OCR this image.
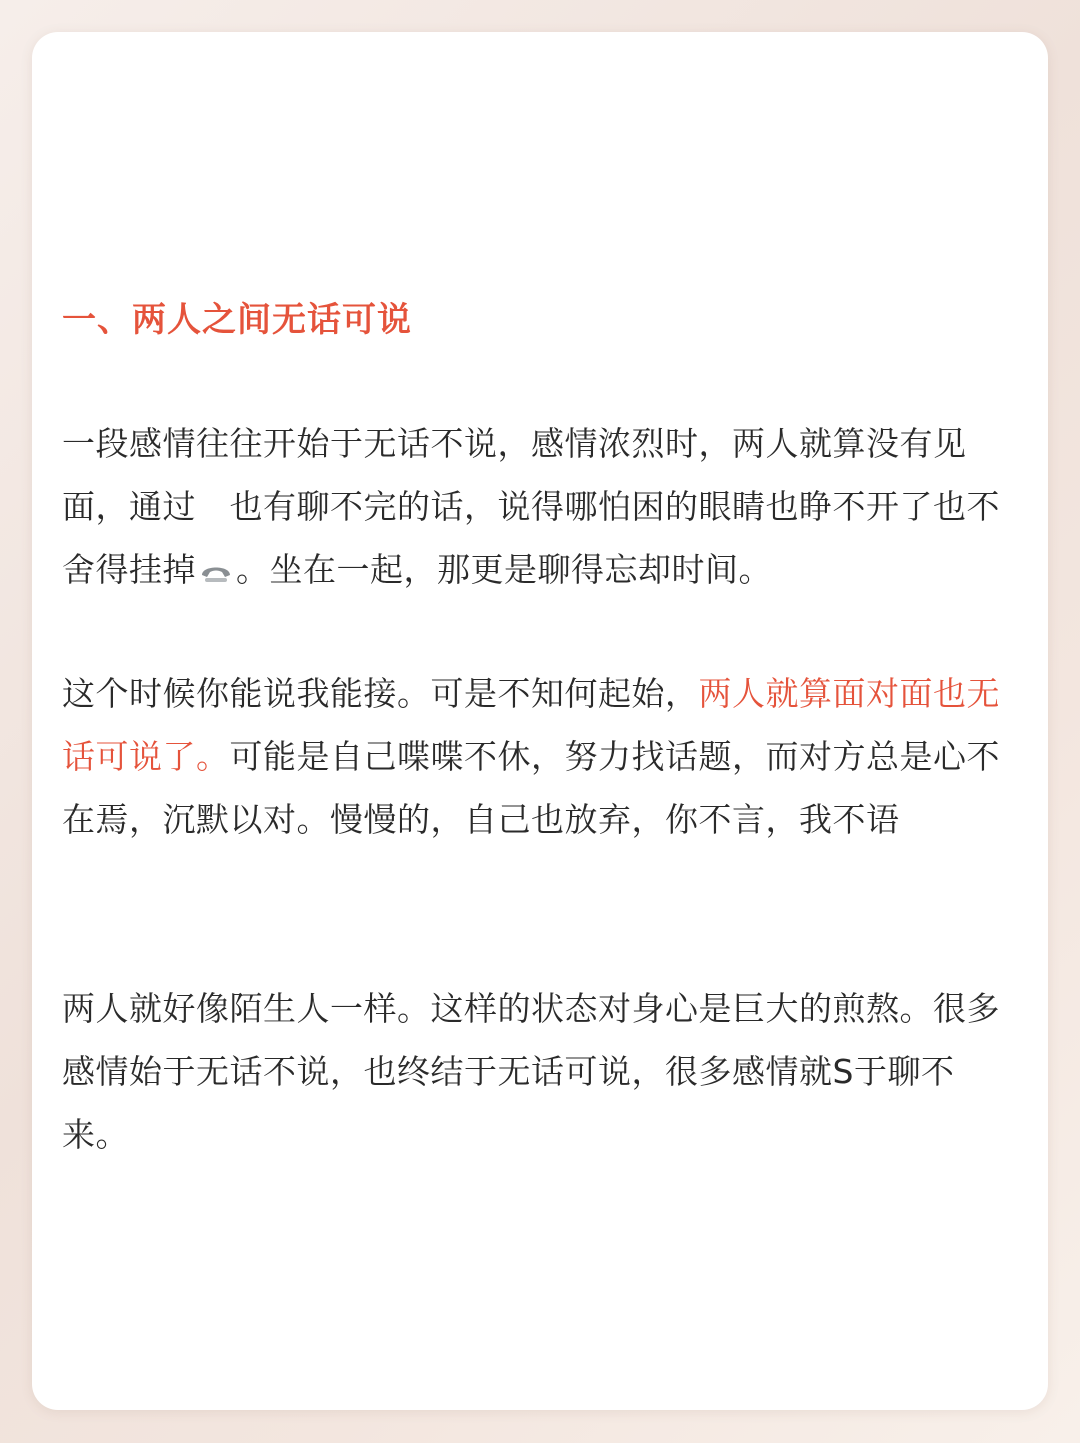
一、两人之间无话可说

一段感情往往开始于无话不说，感情浓烈时，两人就算没有见面，通过　也有聊不完的话，说得哪怕困的眼睛也睁不开了也不舍得挂掉 。坐在一起，那更是聊得忘却时间。

这个时候你能说我能接。可是不知何起始，两人就算面对面也无话可说了。可能是自己喋喋不休，努力找话题，而对方总是心不在焉，沉默以对。慢慢的，自己也放弃，你不言，我不语

两人就好像陌生人一样。这样的状态对身心是巨大的煎熬。很多感情始于无话不说，也终结于无话可说，很多感情就S于聊不来。
